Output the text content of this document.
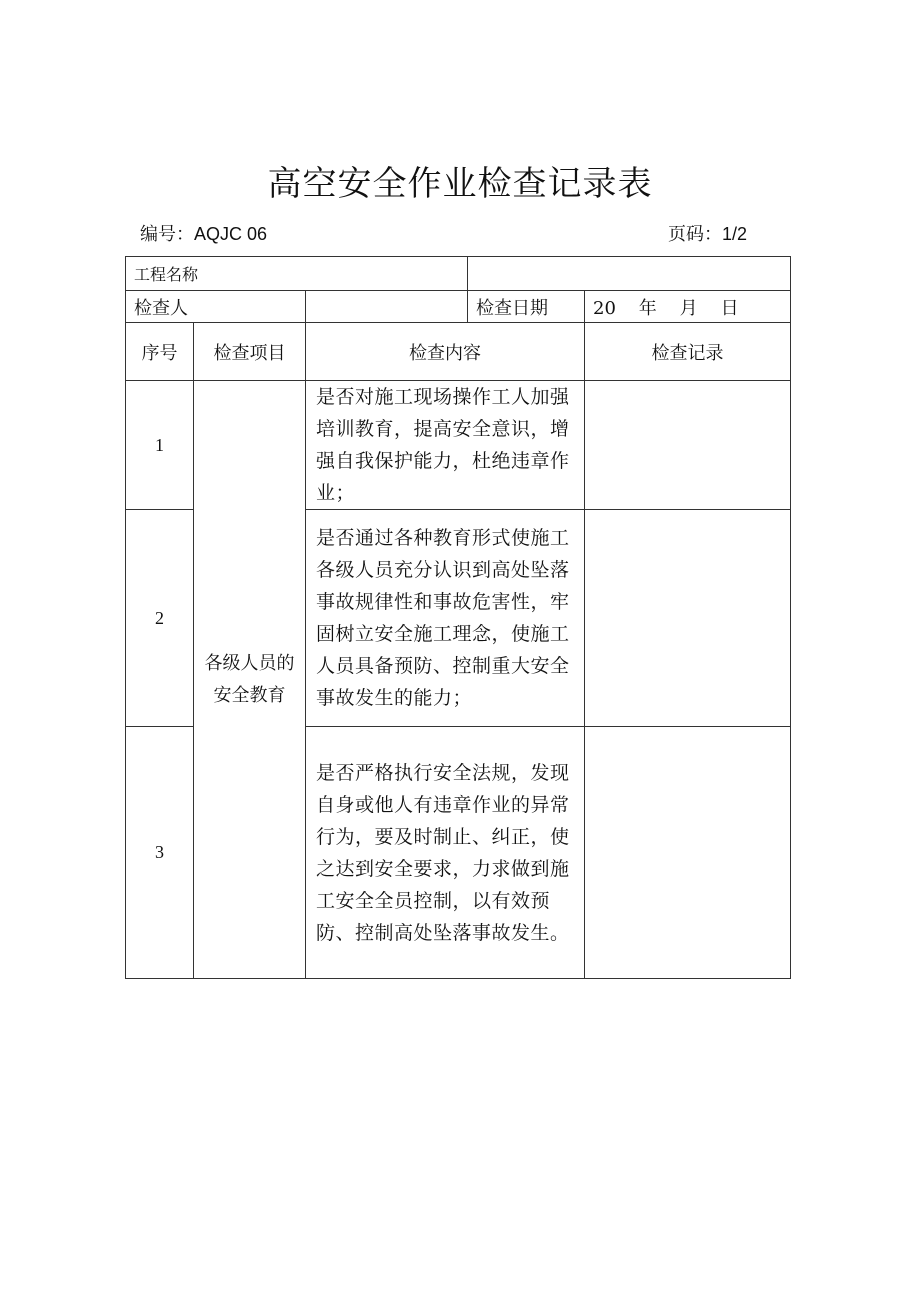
高空安全作业检查记录表
编号：AQJC 06	页码：1/2
工程名称				
检查人			检查日期	20    年    月    日
序号	检查项目	检查内容		检查记录
1	各级人员的安全教育	是否对施工现场操作工人加强培训教育，提高安全意识，增强自我保护能力，杜绝违章作业；		
2		是否通过各种教育形式使施工各级人员充分认识到高处坠落事故规律性和事故危害性，牢固树立安全施工理念，使施工人员具备预防、控制重大安全事故发生的能力；		
3		是否严格执行安全法规，发现自身或他人有违章作业的异常行为，要及时制止、纠正，使之达到安全要求，力求做到施工安全全员控制，以有效预防、控制高处坠落事故发生。		
